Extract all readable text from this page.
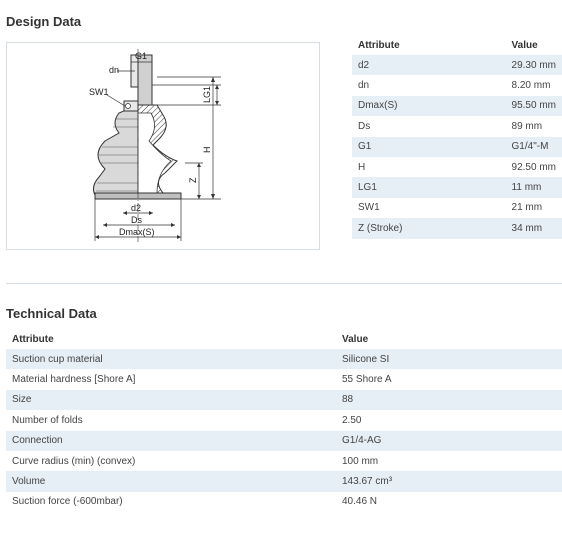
Design Data
G1
dn
SW1	LG1
H
Z
d2
Ds
Dmax(S)
Attribute	Value
d2	29.30 mm
dn	8.20 mm
Dmax(S)	95.50 mm
Ds	89 mm
G1	G1/4"-M
H	92.50 mm
LG1	11 mm
SW1	21 mm
Z (Stroke)	34 mm
Technical Data
Attribute	Value
Suction cup material	Silicone SI
Material hardness [Shore A]	55 Shore A
Size	88
Number of folds	2.50
Connection	G1/4-AG
Curve radius (min) (convex)	100 mm
Volume	143.67 cm³
Suction force (-600mbar)	40.46 N
